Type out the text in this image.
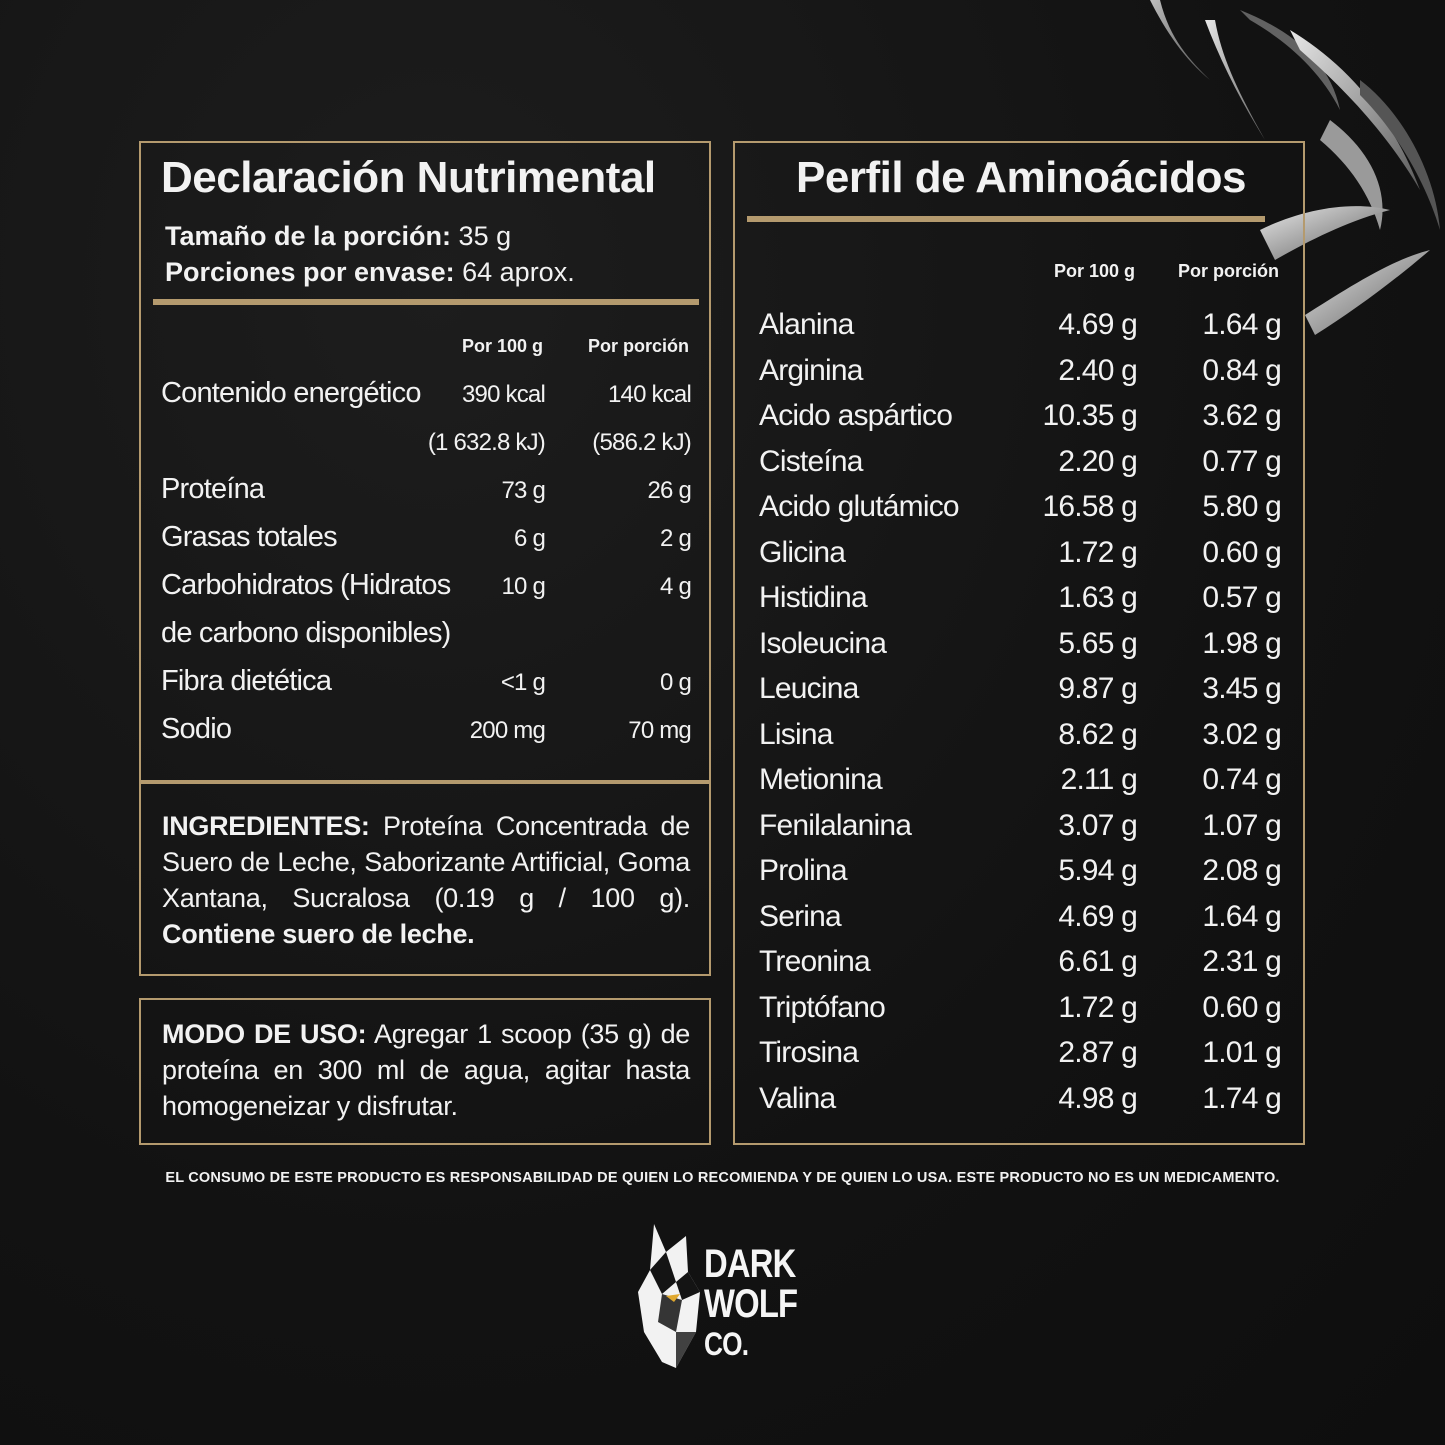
Declaración Nutrimental
Tamaño de la porción: 35 g
Porciones por envase: 64 aprox.
Por 100 g Por porción
Contenido energético 390 kcal	140 kcal
(1 632.8 kJ) (586.2 kJ)
Proteína	73 g	26 g
Grasas totales	6 g	2 g
Carbohidratos (Hidratos 10 g	4 g
de carbono disponibles)
Fibra dietética	<1 g	0 g
Sodio	200 mg	70 mg
INGREDIENTES: Proteína Concentrada de Suero de Leche, Saborizante Artificial, Goma Xantana, Sucralosa (0.19 g / 100 g). Contiene suero de leche.
MODO DE USO: Agregar 1 scoop (35 g) de proteína en 300 ml de agua, agitar hasta homogeneizar y disfrutar.
Perfil de Aminoácidos
Por 100 g Por porción
Alanina	4.69 g 1.64 g
Arginina	2.40 g 0.84 g
Acido aspártico	10.35 g 3.62 g
Cisteína	2.20 g 0.77 g
Acido glutámico	16.58 g 5.80 g
Glicina	1.72 g 0.60 g
Histidina	1.63 g 0.57 g
Isoleucina	5.65 g 1.98 g
Leucina	9.87 g 3.45 g
Lisina	8.62 g 3.02 g
Metionina	2.11 g 0.74 g
Fenilalanina	3.07 g 1.07 g
Prolina	5.94 g 2.08 g
Serina	4.69 g 1.64 g
Treonina	6.61 g 2.31 g
Triptófano	1.72 g 0.60 g
Tirosina	2.87 g 1.01 g
Valina	4.98 g 1.74 g
EL CONSUMO DE ESTE PRODUCTO ES RESPONSABILIDAD DE QUIEN LO RECOMIENDA Y DE QUIEN LO USA. ESTE PRODUCTO NO ES UN MEDICAMENTO.
DARK
WOLF
CO.
